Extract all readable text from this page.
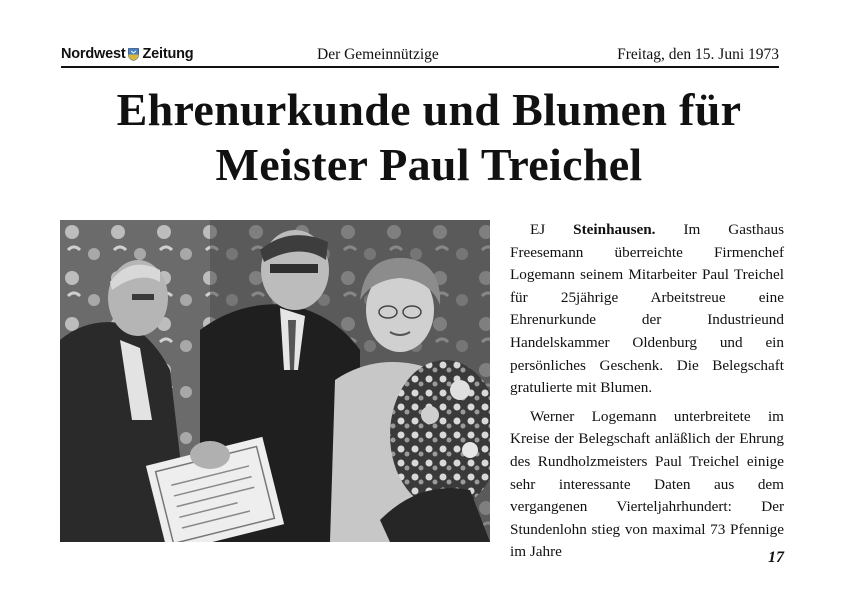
Nordwest Zeitung	Der Gemeinnützige	Freitag, den 15. Juni 1973
Ehrenurkunde und Blumen für
Meister Paul Treichel

EJ Steinhausen. Im Gasthaus Freesemann überreichte Firmenchef Logemann seinem Mitarbeiter Paul Treichel für 25jährige Arbeitstreue eine Ehrenurkunde der Industrieund Handelskammer Oldenburg und ein persönliches Geschenk. Die Belegschaft gratulierte mit Blumen.

Werner Logemann unterbreitete im Kreise der Belegschaft anläßlich der Ehrung des Rundholzmeisters Paul Treichel einige sehr interessante Daten aus dem vergangenen Vierteljahrhundert: Der Stundenlohn stieg von maximal 73 Pfennige im Jahre	17
